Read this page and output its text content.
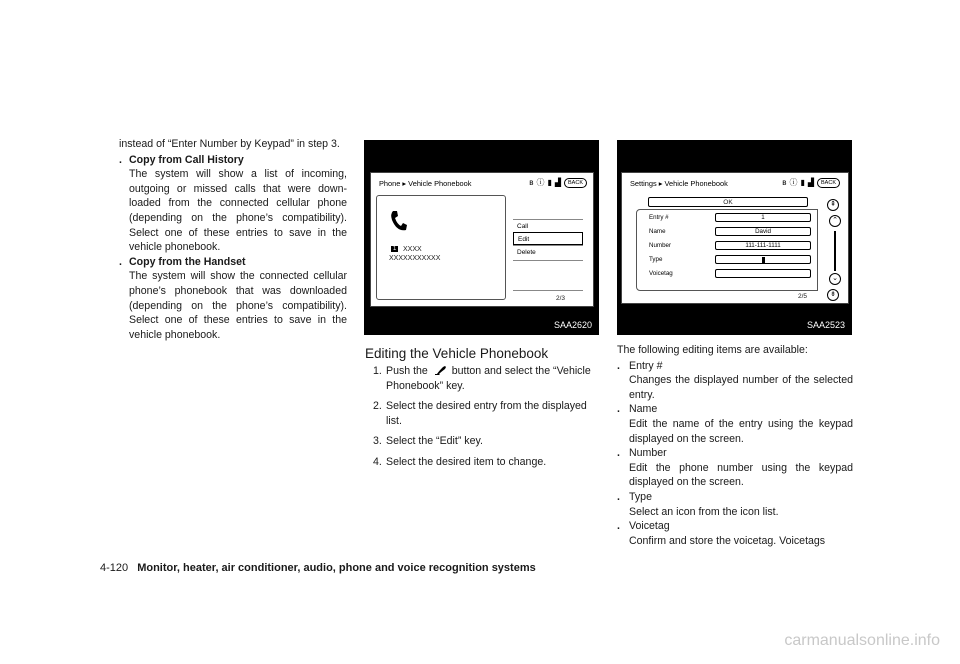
instead of “Enter Number by Keypad” in step 3.

. Copy from Call History
The system will show a list of incoming, outgoing or missed calls that were down-loaded from the connected cellular phone (depending on the phone’s compatibility). Select one of these entries to save in the vehicle phonebook.
. Copy from the Handset
The system will show the connected cellular phone’s phonebook that was downloaded (depending on the phone’s compatibility). Select one of these entries to save in the vehicle phonebook.
Phone ▸ Vehicle Phonebook	ʙ ⓘ ▮ ▟	BACK
1 XXXX
XXXXXXXXXXX
Call
Edit
Delete
2/3
SAA2620
Settings ▸ Vehicle Phonebook	ʙ ⓘ ▮ ▟	BACK
OK
Entry #	1
Name	David
Number	111-111-1111
Type
Voicetag
⇞
⌃
⌄
⇟
2/5
SAA2523
Editing the Vehicle Phonebook
1. Push the button and select the “Vehicle Phonebook” key.
2. Select the desired entry from the displayed list.
3. Select the “Edit” key.
4. Select the desired item to change.
The following editing items are available:
. Entry #
Changes the displayed number of the selected entry.
. Name
Edit the name of the entry using the keypad displayed on the screen.
. Number
Edit the phone number using the keypad displayed on the screen.
. Type
Select an icon from the icon list.
. Voicetag
Confirm and store the voicetag. Voicetags
4-120 Monitor, heater, air conditioner, audio, phone and voice recognition systems
carmanualsonline.info
